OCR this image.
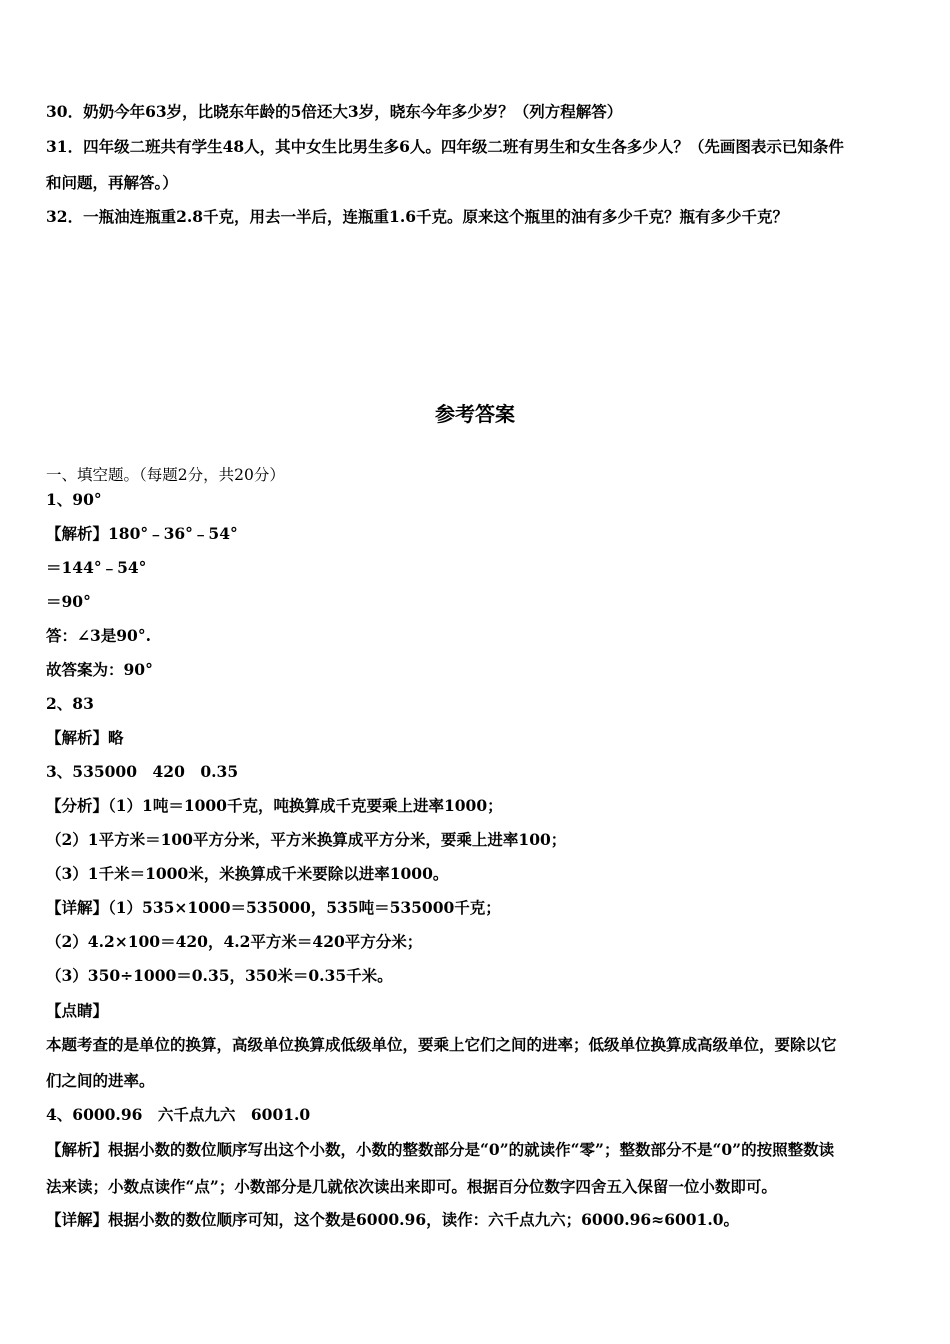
30．奶奶今年63岁，比晓东年龄的5倍还大3岁，晓东今年多少岁？（列方程解答）
31．四年级二班共有学生48人，其中女生比男生多6人。四年级二班有男生和女生各多少人？（先画图表示已知条件
和问题，再解答。）
32．一瓶油连瓶重2.8千克，用去一半后，连瓶重1.6千克。原来这个瓶里的油有多少千克？瓶有多少千克？
参考答案
一、填空题。（每题2分，共20分）
1、90°
【解析】180°﹣36°﹣54°
＝144°﹣54°
＝90°
答：∠3是90°.
故答案为：90°
2、83
【解析】略
3、535000　420　0.35
【分析】（1）1吨＝1000千克，吨换算成千克要乘上进率1000；
（2）1平方米＝100平方分米，平方米换算成平方分米，要乘上进率100；
（3）1千米＝1000米，米换算成千米要除以进率1000。
【详解】（1）535×1000＝535000，535吨＝535000千克；
（2）4.2×100＝420，4.2平方米＝420平方分米；
（3）350÷1000＝0.35，350米＝0.35千米。
【点睛】
本题考查的是单位的换算，高级单位换算成低级单位，要乘上它们之间的进率；低级单位换算成高级单位，要除以它
们之间的进率。
4、6000.96　六千点九六　6001.0
【解析】根据小数的数位顺序写出这个小数，小数的整数部分是“0”的就读作“零”；整数部分不是“0”的按照整数读
法来读；小数点读作“点”；小数部分是几就依次读出来即可。根据百分位数字四舍五入保留一位小数即可。
【详解】根据小数的数位顺序可知，这个数是6000.96，读作：六千点九六；6000.96≈6001.0。
